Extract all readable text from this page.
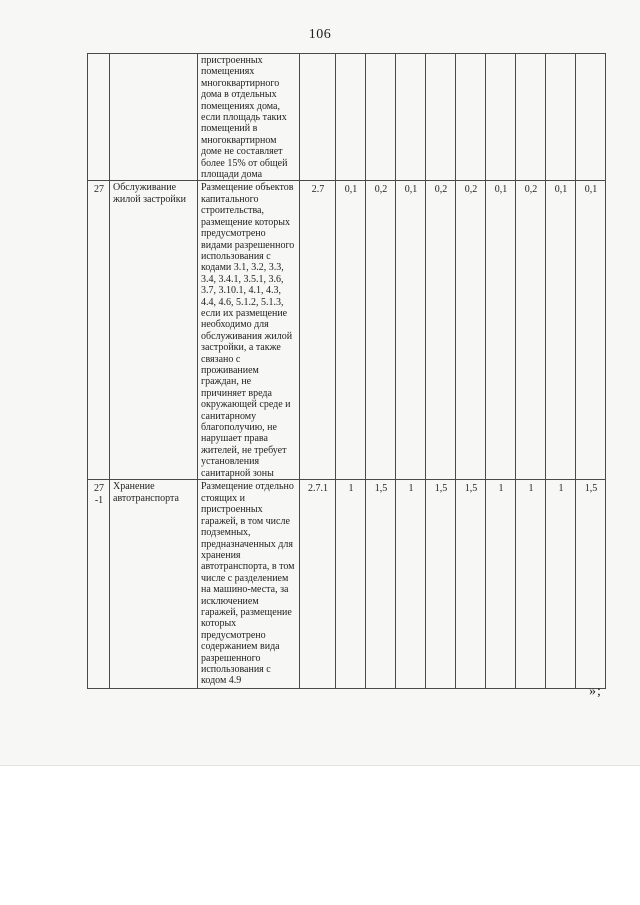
106
		пристроенных помещениях многоквартирного дома в отдельных помещениях дома, если площадь таких помещений в многоквартирном доме не составляет более 15% от общей площади дома										
27	Обслуживание жилой застройки	Размещение объектов капитального строительства, размещение которых предусмотрено видами разрешенного использования с кодами 3.1, 3.2, 3.3, 3.4, 3.4.1, 3.5.1, 3.6, 3.7, 3.10.1, 4.1, 4.3, 4.4, 4.6, 5.1.2, 5.1.3, если их размещение необходимо для обслуживания жилой застройки, а также связано с проживанием граждан, не причиняет вреда окружающей среде и санитарному благополучию, не нарушает права жителей, не требует установления санитарной зоны	2.7	0,1	0,2	0,1	0,2	0,2	0,1	0,2	0,1	0,1
27 -1	Хранение автотранспорта	Размещение отдельно стоящих и пристроенных гаражей, в том числе подземных, предназначенных для хранения автотранспорта, в том числе с разделением на машино-места, за исключением гаражей, размещение которых предусмотрено содержанием вида разрешенного использования с кодом 4.9	2.7.1	1	1,5	1	1,5	1,5	1	1	1	1,5
»;
